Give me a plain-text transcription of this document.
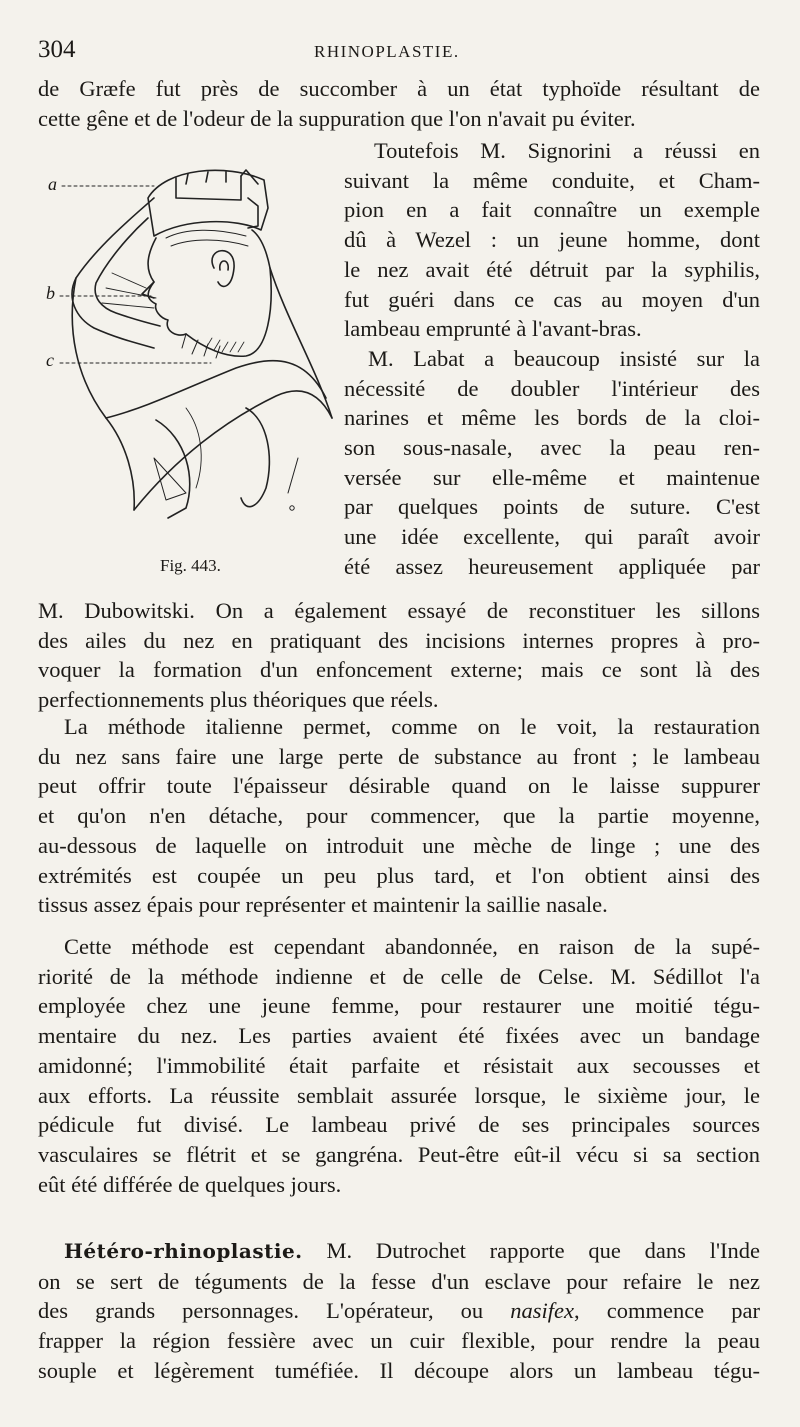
304	RHINOPLASTIE.

de Græfe fut près de succomber à un état typhoïde résultant de
cette gêne et de l'odeur de la suppuration que l'on n'avait pu éviter.

a
b
c
Fig. 443.

Toutefois M. Signorini a réussi en
suivant la même conduite, et Cham-
pion en a fait connaître un exemple
dû à Wezel : un jeune homme, dont
le nez avait été détruit par la syphilis,
fut guéri dans ce cas au moyen d'un
lambeau emprunté à l'avant-bras.
M. Labat a beaucoup insisté sur la
nécessité de doubler l'intérieur des
narines et même les bords de la cloi-
son sous-nasale, avec la peau ren-
versée sur elle-même et maintenue
par quelques points de suture. C'est
une idée excellente, qui paraît avoir
été assez heureusement appliquée par

M. Dubowitski. On a également essayé de reconstituer les sillons
des ailes du nez en pratiquant des incisions internes propres à pro-
voquer la formation d'un enfoncement externe; mais ce sont là des
perfectionnements plus théoriques que réels.

La méthode italienne permet, comme on le voit, la restauration
du nez sans faire une large perte de substance au front ; le lambeau
peut offrir toute l'épaisseur désirable quand on le laisse suppurer
et qu'on n'en détache, pour commencer, que la partie moyenne,
au-dessous de laquelle on introduit une mèche de linge ; une des
extrémités est coupée un peu plus tard, et l'on obtient ainsi des
tissus assez épais pour représenter et maintenir la saillie nasale.

Cette méthode est cependant abandonnée, en raison de la supé-
riorité de la méthode indienne et de celle de Celse. M. Sédillot l'a
employée chez une jeune femme, pour restaurer une moitié tégu-
mentaire du nez. Les parties avaient été fixées avec un bandage
amidonné; l'immobilité était parfaite et résistait aux secousses et
aux efforts. La réussite semblait assurée lorsque, le sixième jour, le
pédicule fut divisé. Le lambeau privé de ses principales sources
vasculaires se flétrit et se gangréna. Peut-être eût-il vécu si sa section
eût été différée de quelques jours.

Hétéro-rhinoplastie. M. Dutrochet rapporte que dans l'Inde
on se sert de téguments de la fesse d'un esclave pour refaire le nez
des grands personnages. L'opérateur, ou nasifex, commence par
frapper la région fessière avec un cuir flexible, pour rendre la peau
souple et légèrement tuméfiée. Il découpe alors un lambeau tégu-
